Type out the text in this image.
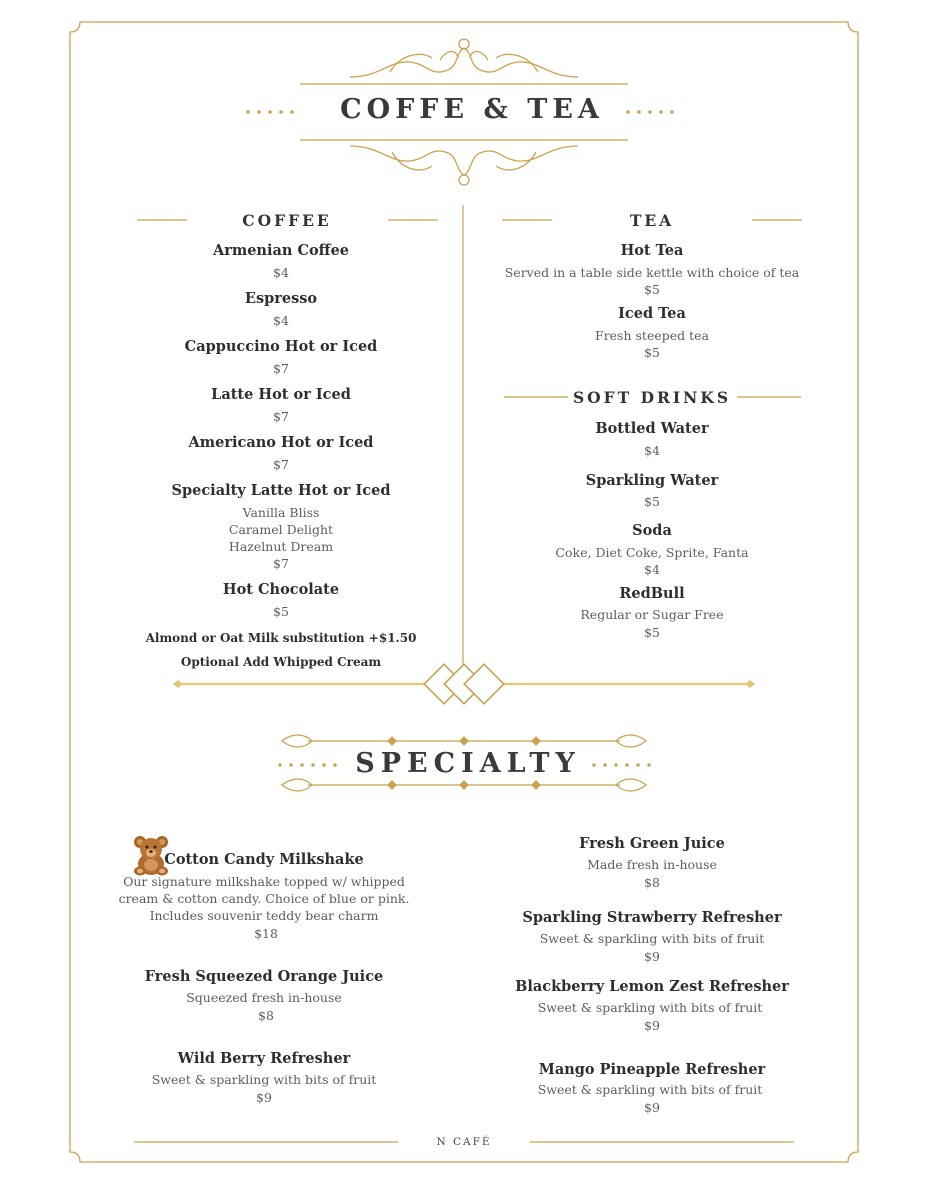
COFFE & TEA
COFFEE
Armenian Coffee
$4
Espresso
$4
Cappuccino Hot or Iced
$7
Latte Hot or Iced
$7
Americano Hot or Iced
$7
Specialty Latte Hot or Iced
Vanilla Bliss
Caramel Delight
Hazelnut Dream
$7
Hot Chocolate
$5
Almond or Oat Milk substitution +$1.50
Optional Add Whipped Cream
TEA
Hot Tea
Served in a table side kettle with choice of tea
$5
Iced Tea
Fresh steeped tea
$5
SOFT DRINKS
Bottled Water
$4
Sparkling Water
$5
Soda
Coke, Diet Coke, Sprite, Fanta
$4
RedBull
Regular or Sugar Free
$5
SPECIALTY
Cotton Candy Milkshake
Our signature milkshake topped w/ whipped
cream & cotton candy. Choice of blue or pink.
Includes souvenir teddy bear charm
$18
Fresh Squeezed Orange Juice
Squeezed fresh in-house
$8
Wild Berry Refresher
Sweet & sparkling with bits of fruit
$9
Fresh Green Juice
Made fresh in-house
$8
Sparkling Strawberry Refresher
Sweet & sparkling with bits of fruit
$9
Blackberry Lemon Zest Refresher
Sweet & sparkling with bits of fruit
$9
Mango Pineapple Refresher
Sweet & sparkling with bits of fruit
$9
N CAFÉ
